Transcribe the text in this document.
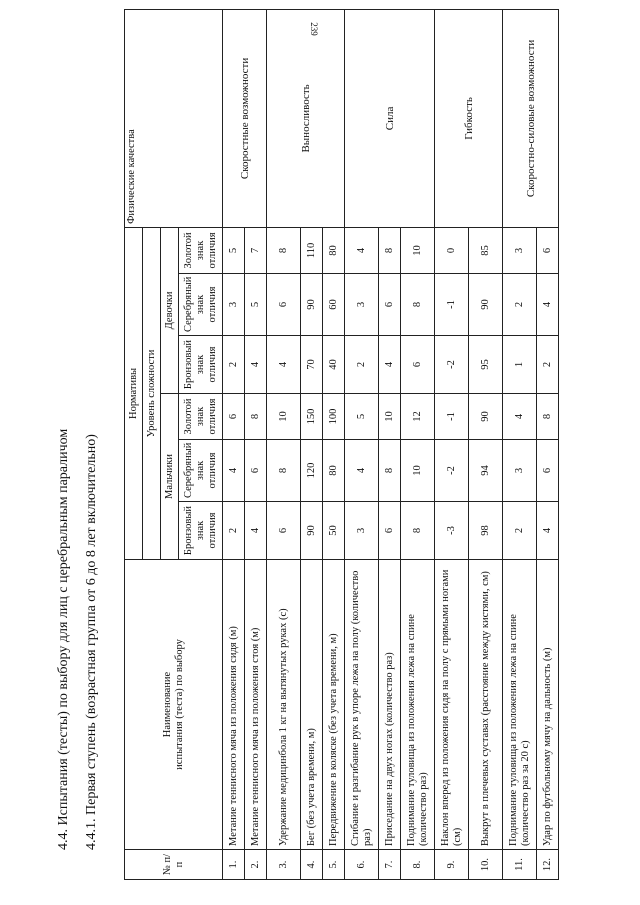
239
4.4. Испытания (тесты) по выбору для лиц с церебральным параличом 4.4.1. Первая ступень (возрастная группа от 6 до 8 лет включительно)
№ п/п	Наименование
испытания (теста) по выбору	Нормативы						Физические качества
		Уровень сложности						
		Мальчики			Девочки			
		Бронзовый знак отличия	Серебряный знак отличия	Золотой знак отличия	Бронзовый знак отличия	Серебряный знак отличия	Золотой знак отличия	
1.	Метание теннисного мяча из положения сидя (м)	2	4	6	2	3	5	Скоростные возможности
2.	Метание теннисного мяча из положения стоя (м)	4	6	8	4	5	7	
3.	Удержание медицинбола 1 кг на вытянутых руках (с)	6	8	10	4	6	8	Выносливость
4.	Бег (без учета времени, м)	90	120	150	70	90	110	
5.	Передвижение в коляске (без учета времени, м)	50	80	100	40	60	80	
6.	Сгибание и разгибание рук в упоре лежа на полу (количество раз)	3	4	5	2	3	4	Сила
7.	Приседание на двух ногах (количество раз)	6	8	10	4	6	8	
8.	Поднимание туловища из положения лежа на спине (количество раз)	8	10	12	6	8	10	
9.	Наклон вперед из положения сидя на полу с прямыми ногами (см)	-3	-2	-1	-2	-1	0	Гибкость
10.	Выкрут в плечевых суставах (расстояние между кистями, см)	98	94	90	95	90	85	
11.	Поднимание туловища из положения лежа на спине (количество раз за 20 с)	2	3	4	1	2	3	Скоростно-силовые возможности
12.	Удар по футбольному мячу на дальность (м)	4	6	8	2	4	6	
